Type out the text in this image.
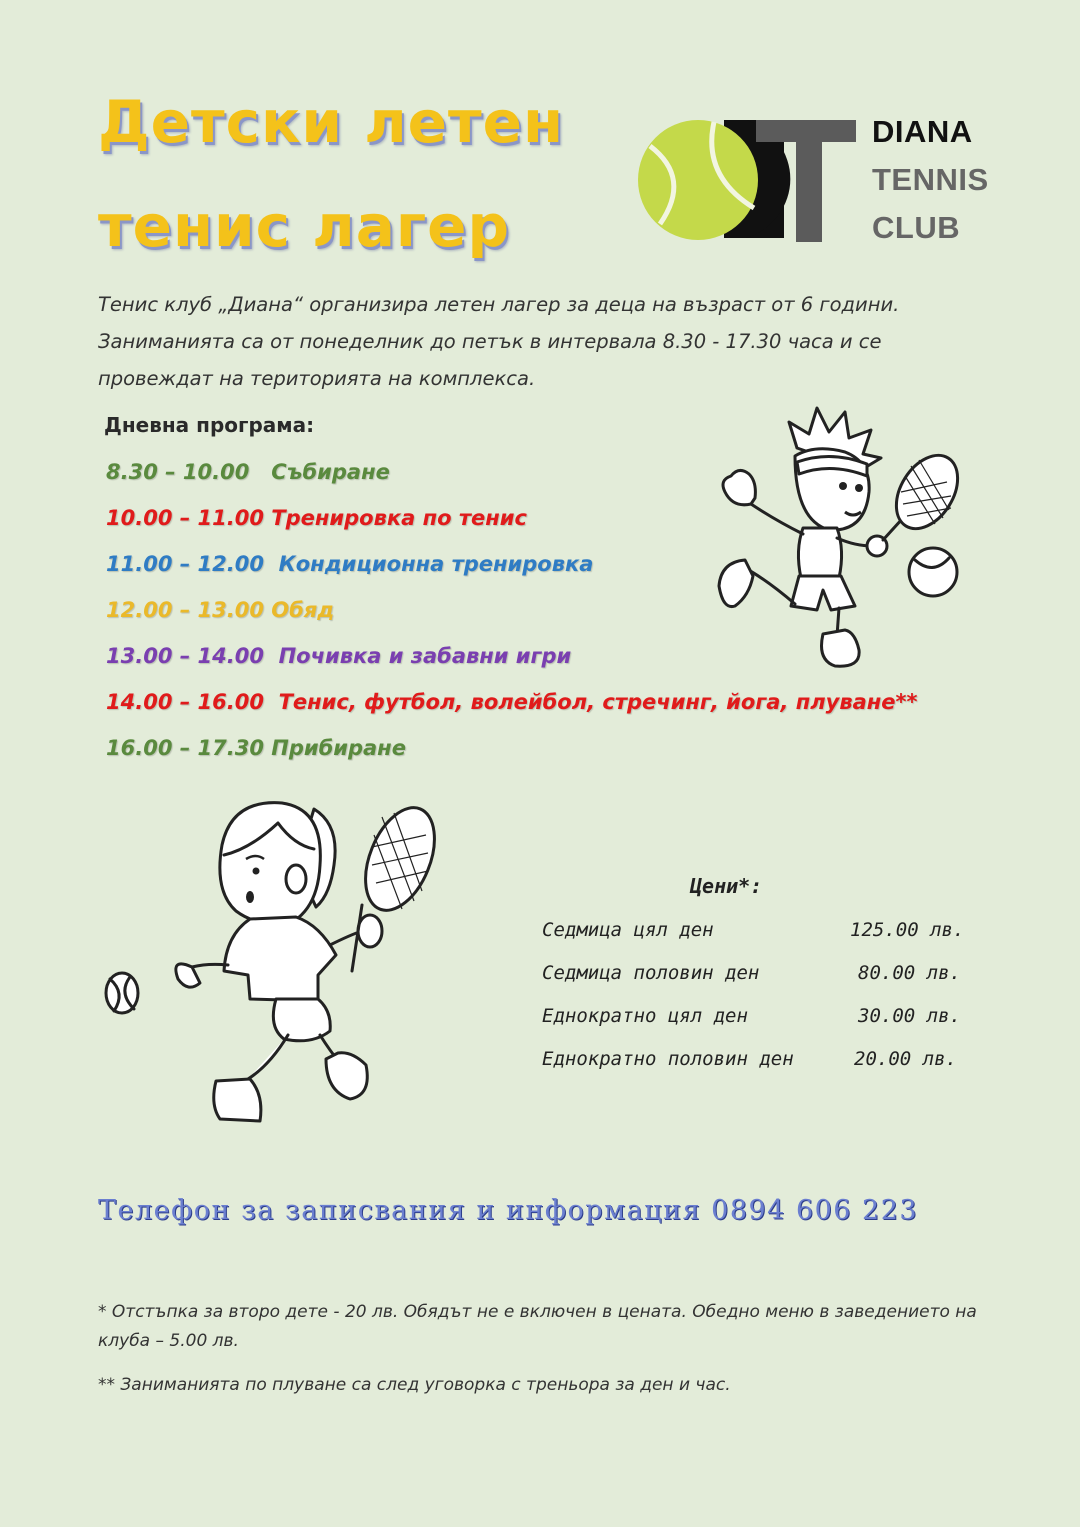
Детски летен
тенис лагер
DIANA
TENNIS
CLUB
Тенис клуб „Диана“ организира летен лагер за деца на възраст от 6 години. Заниманията са от понеделник до петък в интервала 8.30 - 17.30 часа и се провеждат на територията на комплекса.
Дневна програма:
8.30 – 10.00   Събиране
10.00 – 11.00 Тренировка по тенис
11.00 – 12.00  Кондиционна тренировка
12.00 – 13.00 Обяд
13.00 – 14.00  Почивка и забавни игри
14.00 – 16.00  Тенис, футбол, волейбол, стречинг, йога, плуване**
16.00 – 17.30 Прибиране
Цени*:
Седмица цял ден	125.00 лв.
Седмица половин ден	80.00 лв.
Еднократно цял ден	30.00 лв.
Еднократно половин ден	20.00 лв.
Телефон за записвания и информация 0894 606 223
* Отстъпка за второ дете - 20 лв. Обядът не е включен в цената. Обедно меню в заведението на клуба – 5.00 лв.
** Заниманията по плуване са след уговорка с треньора за ден и час.
